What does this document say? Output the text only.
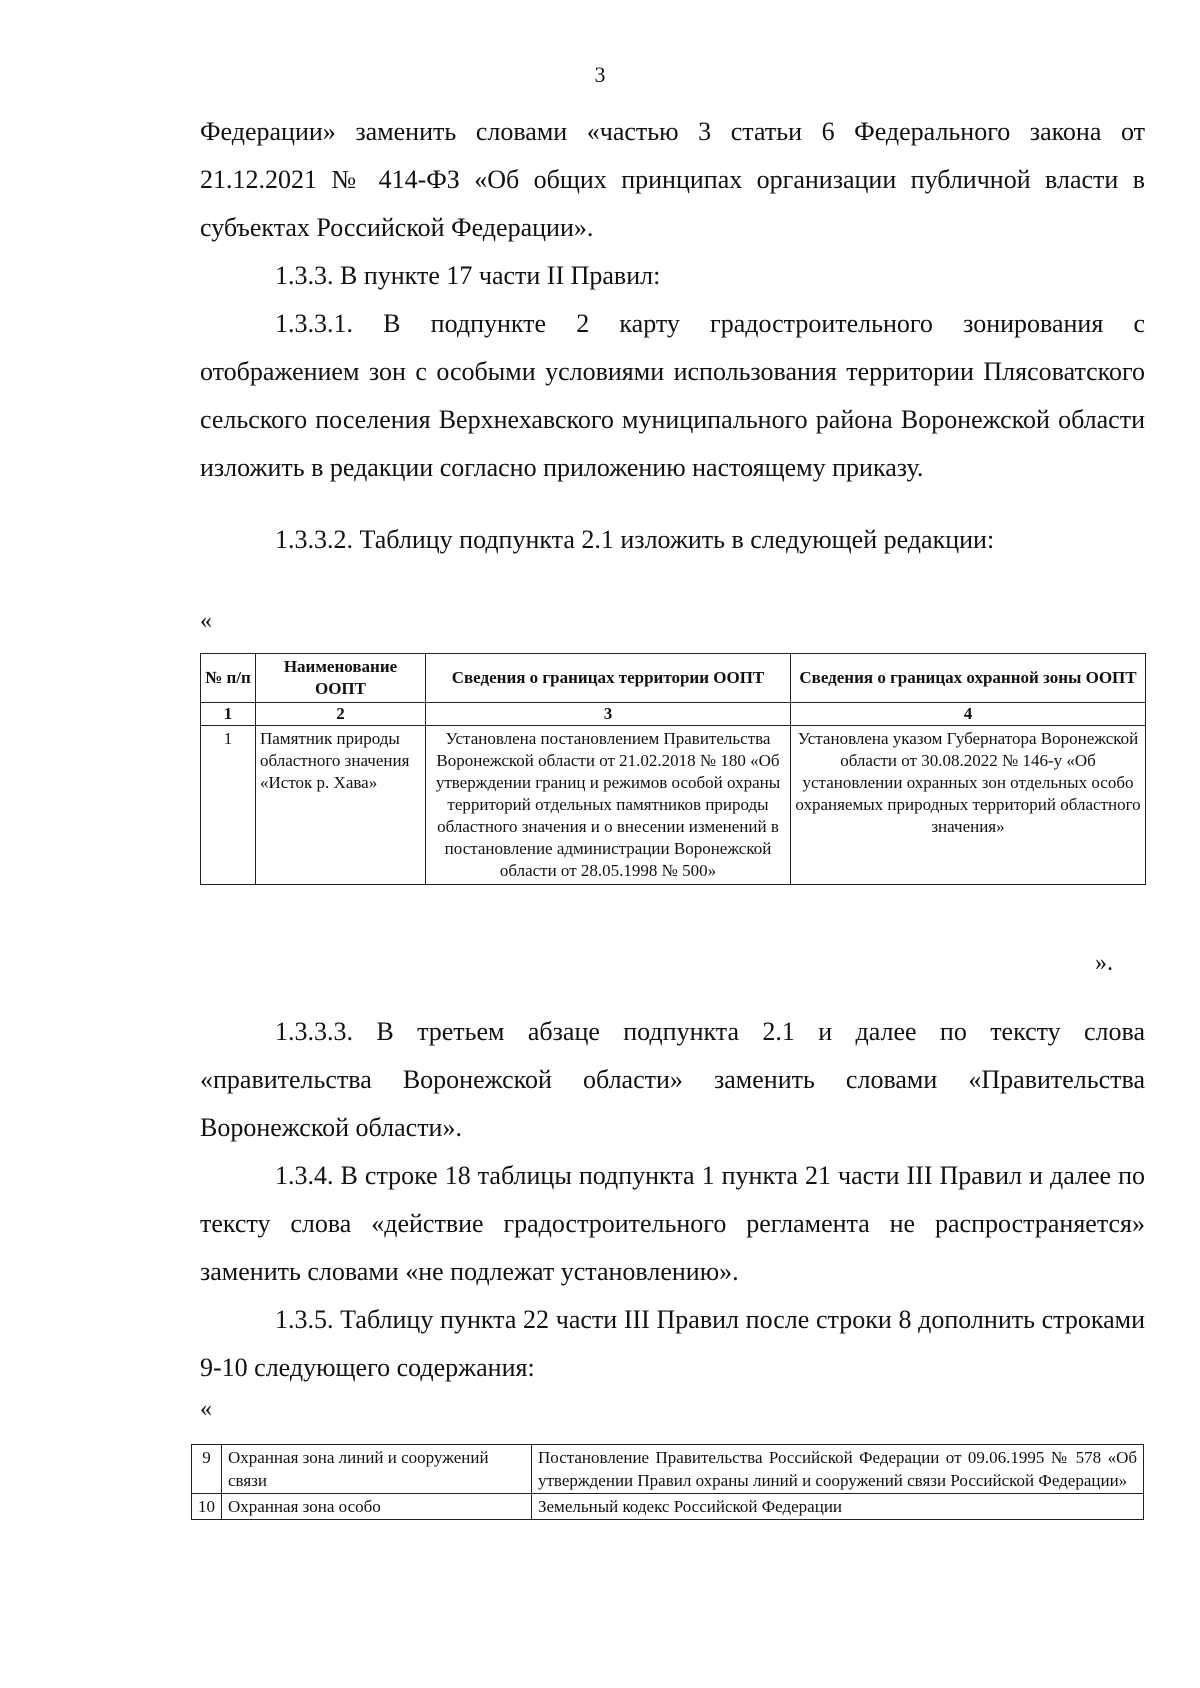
3
Федерации» заменить словами «частью 3 статьи 6 Федерального закона от 21.12.2021 № 414-ФЗ «Об общих принципах организации публичной власти в субъектах Российской Федерации».
1.3.3. В пункте 17 части II Правил:
1.3.3.1. В подпункте 2 карту градостроительного зонирования с отображением зон с особыми условиями использования территории Плясоватского сельского поселения Верхнехавского муниципального района Воронежской области изложить в редакции согласно приложению настоящему приказу.
1.3.3.2. Таблицу подпункта 2.1 изложить в следующей редакции:
«
№ п/п	Наименование ООПТ	Сведения о границах территории ООПТ	Сведения о границах охранной зоны ООПТ
1	2	3	4
1	Памятник природы областного значения «Исток р. Хава»	Установлена постановлением Правительства Воронежской области от 21.02.2018 № 180 «Об утверждении границ и режимов особой охраны территорий отдельных памятников природы областного значения и о внесении изменений в постановление администрации Воронежской области от 28.05.1998 № 500»	Установлена указом Губернатора Воронежской области от 30.08.2022 № 146-у «Об установлении охранных зон отдельных особо охраняемых природных территорий областного значения»
».
1.3.3.3. В третьем абзаце подпункта 2.1 и далее по тексту слова «правительства Воронежской области» заменить словами «Правительства Воронежской области».
1.3.4. В строке 18 таблицы подпункта 1 пункта 21 части III Правил и далее по тексту слова «действие градостроительного регламента не распространяется» заменить словами «не подлежат установлению».
1.3.5. Таблицу пункта 22 части III Правил после строки 8 дополнить строками 9-10 следующего содержания:
«
9	Охранная зона линий и сооружений связи	Постановление Правительства Российской Федерации от 09.06.1995 № 578 «Об утверждении Правил охраны линий и сооружений связи Российской Федерации»
10	Охранная зона особо	Земельный кодекс Российской Федерации
